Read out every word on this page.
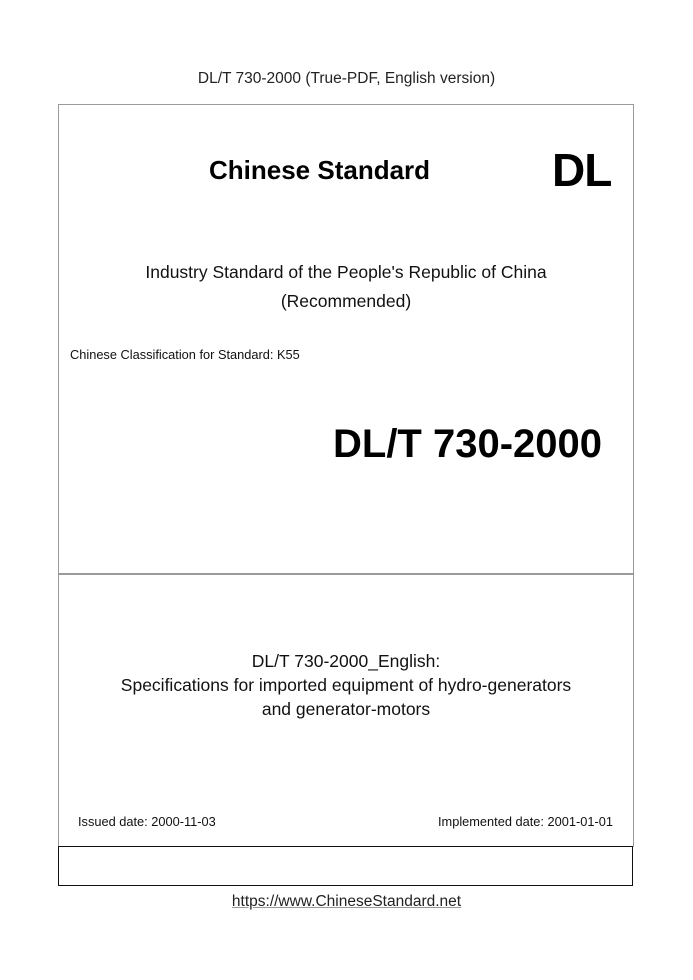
DL/T 730-2000 (True-PDF, English version)
Chinese Standard	DL
Industry Standard of the People's Republic of China
(Recommended)
Chinese Classification for Standard: K55
DL/T 730-2000
DL/T 730-2000_English:
Specifications for imported equipment of hydro-generators
and generator-motors
Issued date: 2000-11-03	Implemented date: 2001-01-01
https://www.ChineseStandard.net
